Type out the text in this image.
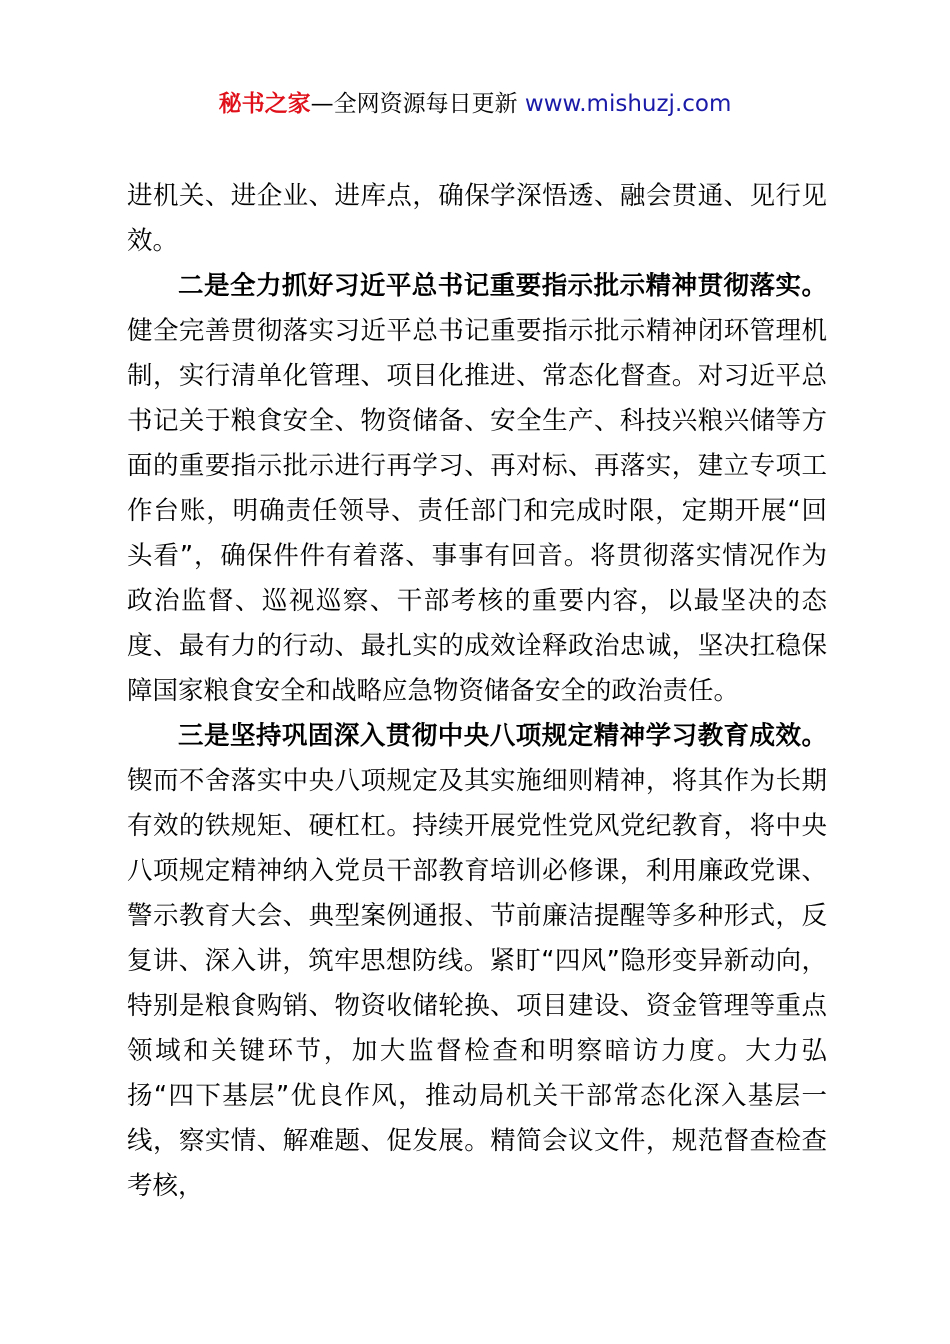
秘书之家—全网资源每日更新 www.mishuzj.com

进机关、进企业、进库点，确保学深悟透、融会贯通、见行见效。

二是全力抓好习近平总书记重要指示批示精神贯彻落实。健全完善贯彻落实习近平总书记重要指示批示精神闭环管理机制，实行清单化管理、项目化推进、常态化督查。对习近平总书记关于粮食安全、物资储备、安全生产、科技兴粮兴储等方面的重要指示批示进行再学习、再对标、再落实，建立专项工作台账，明确责任领导、责任部门和完成时限，定期开展“回头看”，确保件件有着落、事事有回音。将贯彻落实情况作为政治监督、巡视巡察、干部考核的重要内容，以最坚决的态度、最有力的行动、最扎实的成效诠释政治忠诚，坚决扛稳保障国家粮食安全和战略应急物资储备安全的政治责任。

三是坚持巩固深入贯彻中央八项规定精神学习教育成效。锲而不舍落实中央八项规定及其实施细则精神，将其作为长期有效的铁规矩、硬杠杠。持续开展党性党风党纪教育，将中央八项规定精神纳入党员干部教育培训必修课，利用廉政党课、警示教育大会、典型案例通报、节前廉洁提醒等多种形式，反复讲、深入讲，筑牢思想防线。紧盯“四风”隐形变异新动向，特别是粮食购销、物资收储轮换、项目建设、资金管理等重点领域和关键环节，加大监督检查和明察暗访力度。大力弘扬“四下基层”优良作风，推动局机关干部常态化深入基层一线，察实情、解难题、促发展。精简会议文件，规范督查检查考核，
